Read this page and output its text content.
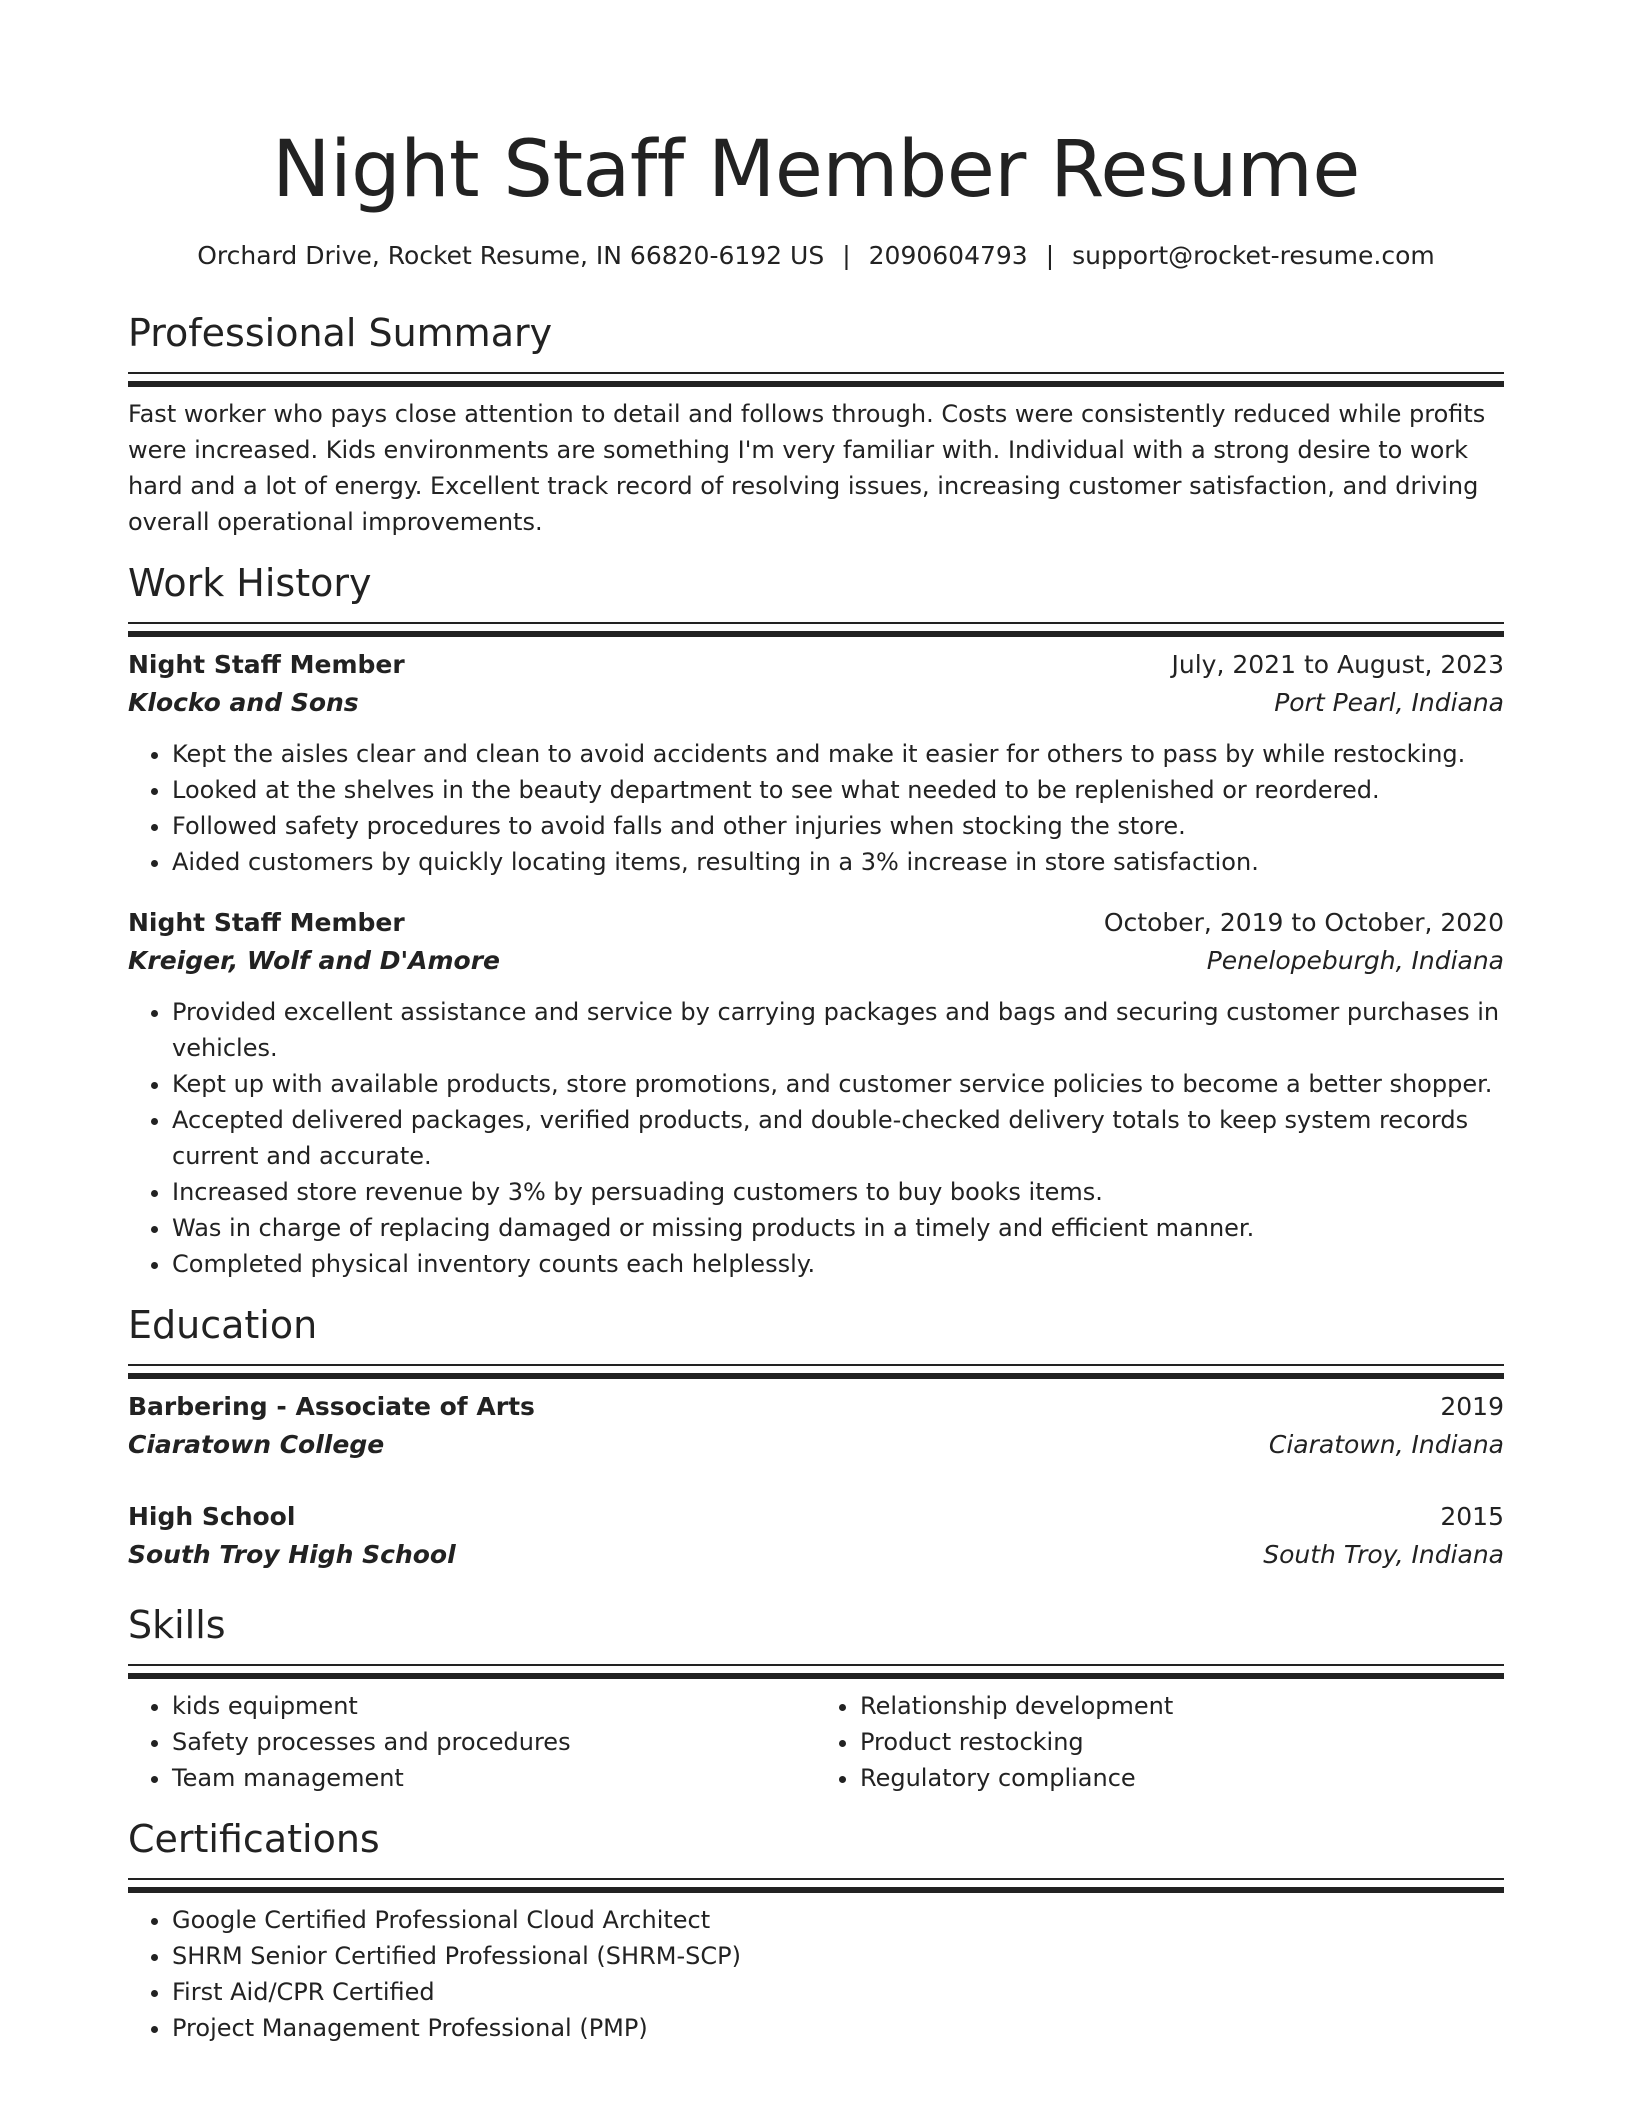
Night Staff Member Resume
Orchard Drive, Rocket Resume, IN 66820-6192 US | 2090604793 | support@rocket-resume.com
Professional Summary

Fast worker who pays close attention to detail and follows through. Costs were consistently reduced while profits were increased. Kids environments are something I'm very familiar with. Individual with a strong desire to work hard and a lot of energy. Excellent track record of resolving issues, increasing customer satisfaction, and driving overall operational improvements.

Work History
Night Staff Member	July, 2021 to August, 2023
Klocko and Sons	Port Pearl, Indiana
• Kept the aisles clear and clean to avoid accidents and make it easier for others to pass by while restocking.
• Looked at the shelves in the beauty department to see what needed to be replenished or reordered.
• Followed safety procedures to avoid falls and other injuries when stocking the store.
• Aided customers by quickly locating items, resulting in a 3% increase in store satisfaction.
Night Staff Member	October, 2019 to October, 2020
Kreiger, Wolf and D'Amore	Penelopeburgh, Indiana
• Provided excellent assistance and service by carrying packages and bags and securing customer purchases in vehicles.
• Kept up with available products, store promotions, and customer service policies to become a better shopper.
• Accepted delivered packages, verified products, and double-checked delivery totals to keep system records current and accurate.
• Increased store revenue by 3% by persuading customers to buy books items.
• Was in charge of replacing damaged or missing products in a timely and efficient manner.
• Completed physical inventory counts each helplessly.
Education
Barbering - Associate of Arts	2019
Ciaratown College	Ciaratown, Indiana
High School	2015
South Troy High School	South Troy, Indiana
Skills
• kids equipment
• Safety processes and procedures
• Team management
• Relationship development
• Product restocking
• Regulatory compliance
Certifications
• Google Certified Professional Cloud Architect
• SHRM Senior Certified Professional (SHRM-SCP)
• First Aid/CPR Certified
• Project Management Professional (PMP)
